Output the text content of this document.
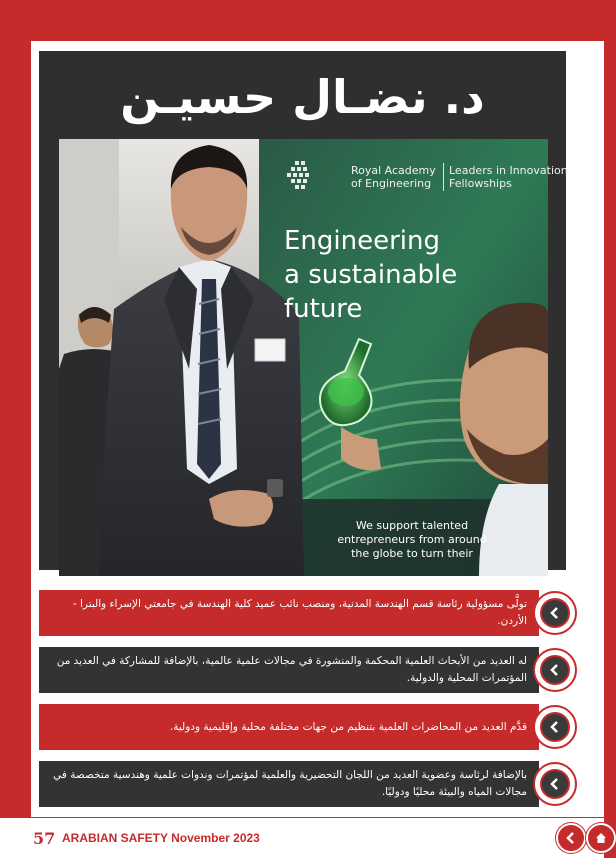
د. نضـال حسيـن
Royal Academy
of Engineering
Leaders in Innovation
Fellowships
Engineering
a sustainable
future
We support talented
entrepreneurs from around
the globe to turn their
تولَّى مسؤولية رئاسة قسم الهندسة المدنية، ومنصب نائب عميد كلية الهندسة في جامعتي الإسراء والبترا - الأردن.
له العديد من الأبحاث العلمية المحكمة والمنشورة في مجالات علمية عالمية، بالإضافة للمشاركة في العديد من المؤتمرات المحلية والدولية.
قدَّم العديد من المحاضرات العلمية بتنظيم من جهات مختلفة محلية وإقليمية ودولية.
بالإضافة لرئاسة وعضوية العديد من اللجان التحضيرية والعلمية لمؤتمرات وندوات علمية وهندسية متخصصة في مجالات المياه والبيئة محليًا ودوليًا.
57 ARABIAN SAFETY November 2023
